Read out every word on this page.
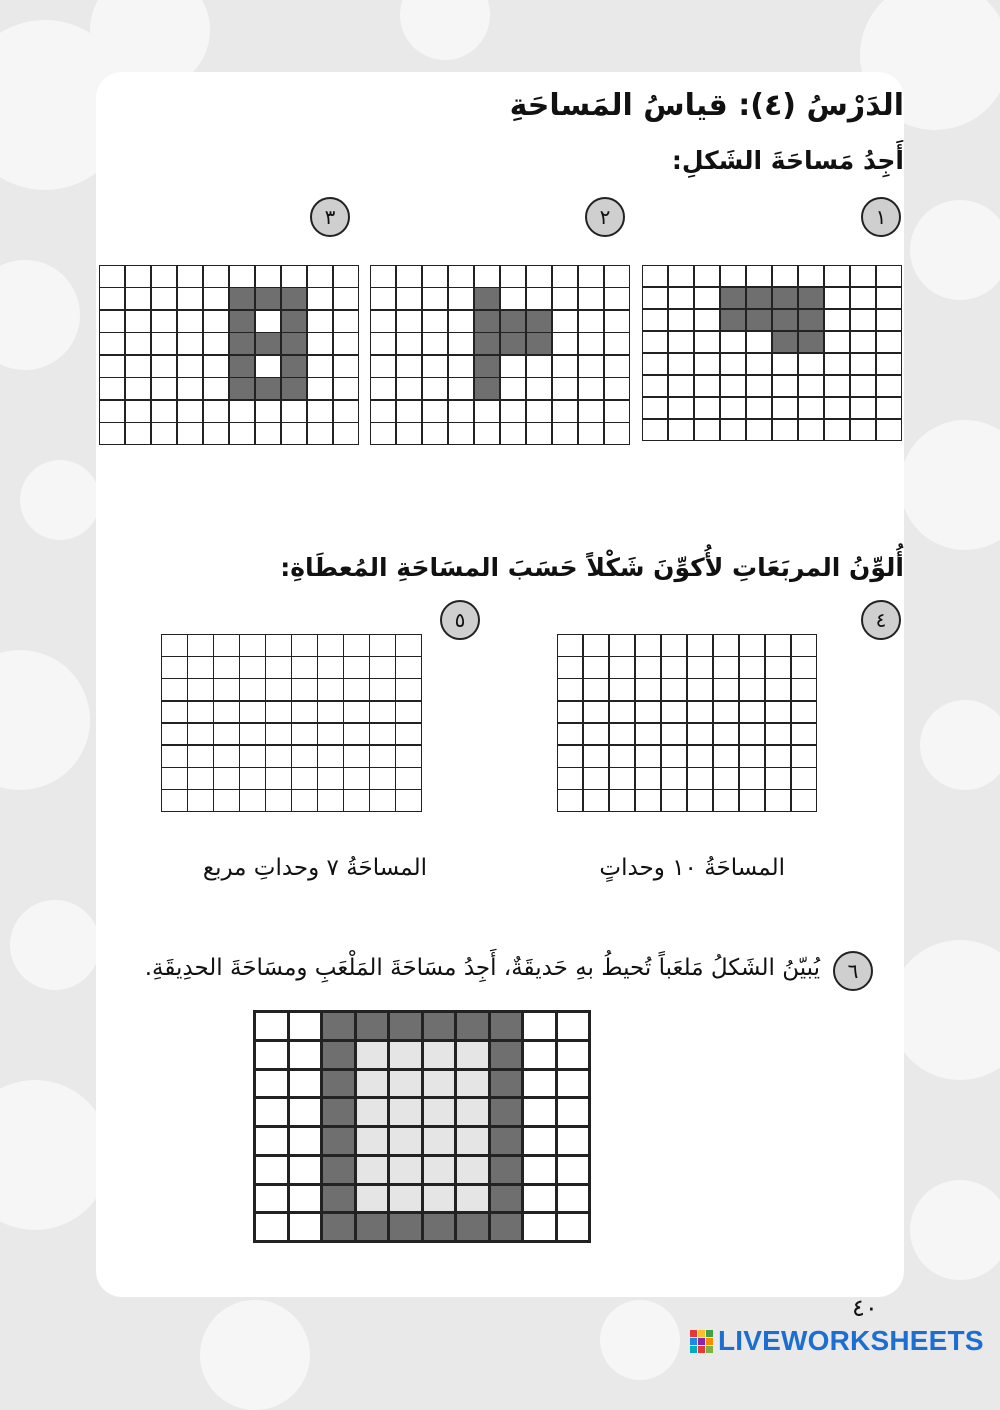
الدَرْسُ (٤): قياسُ المَساحَةِ
أَجِدُ مَساحَةَ الشَكلِ:
١
٢
٣
أُلوِّنُ المربَعَاتِ لأُكوِّنَ شَكْلاً حَسَبَ المسَاحَةِ المُعطَاةِ:
٤
٥
المساحَةُ ١٠ وحداتٍ
المساحَةُ ٧ وحداتِ مربع
٦
يُبيّنُ الشَكلُ مَلعَباً تُحيطُ بهِ حَديقَةٌ، أَجِدُ مسَاحَةَ المَلْعَبِ ومسَاحَةَ الحدِيقَةِ.
٤٠
LIVEWORKSHEETS
